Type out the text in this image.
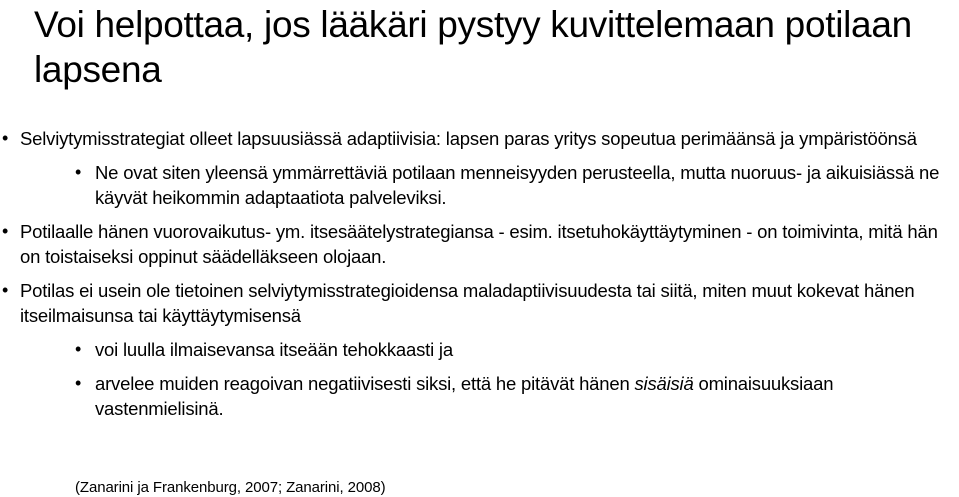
Voi helpottaa, jos lääkäri pystyy kuvittelemaan potilaan lapsena
• Selviytymisstrategiat olleet lapsuusiässä adaptiivisia: lapsen paras yritys sopeutua perimäänsä ja ympäristöönsä
• Ne ovat siten yleensä ymmärrettäviä potilaan menneisyyden perusteella, mutta nuoruus- ja aikuisiässä ne käyvät heikommin adaptaatiota palveleviksi.
• Potilaalle hänen vuorovaikutus- ym. itsesäätelystrategiansa - esim. itsetuhokäyttäytyminen - on toimivinta, mitä hän on toistaiseksi oppinut säädelläkseen olojaan.
• Potilas ei usein ole tietoinen selviytymisstrategioidensa maladaptiivisuudesta tai siitä, miten muut kokevat hänen itseilmaisunsa tai käyttäytymisensä
• voi luulla ilmaisevansa itseään tehokkaasti ja
• arvelee muiden reagoivan negatiivisesti siksi, että he pitävät hänen sisäisiä ominaisuuksiaan vastenmielisinä.
(Zanarini ja Frankenburg, 2007; Zanarini, 2008)
